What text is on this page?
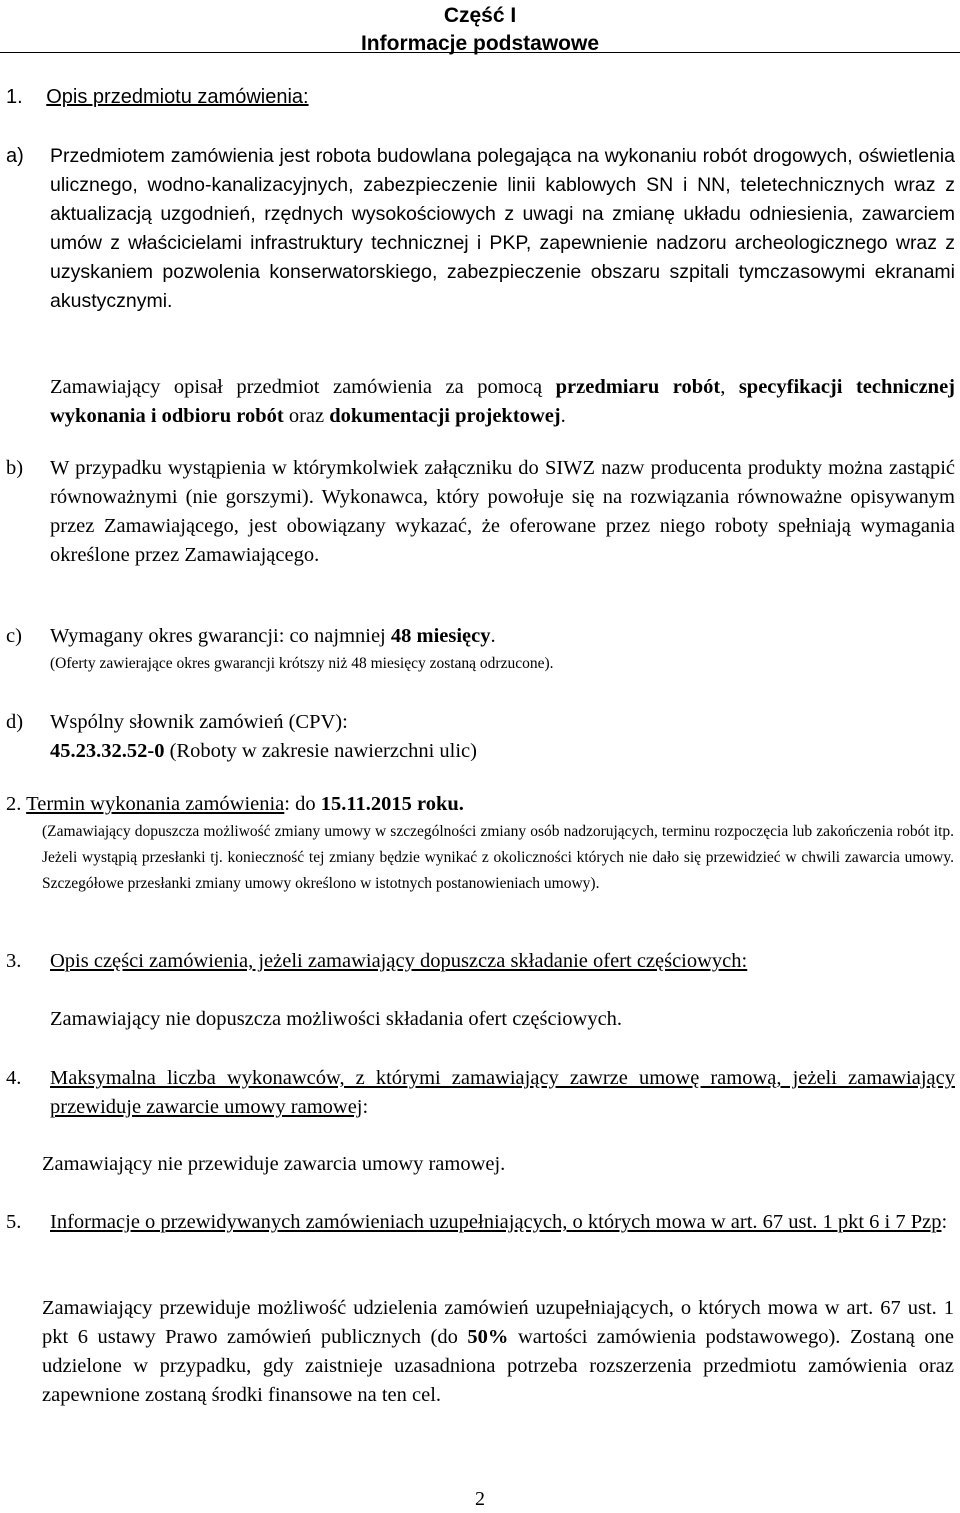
Część I
Informacje podstawowe
1. Opis przedmiotu zamówienia:
a) Przedmiotem zamówienia jest robota budowlana polegająca na wykonaniu robót drogowych, oświetlenia ulicznego, wodno-kanalizacyjnych, zabezpieczenie linii kablowych SN i NN, teletechnicznych wraz z aktualizacją uzgodnień, rzędnych wysokościowych z uwagi na zmianę układu odniesienia, zawarciem umów z właścicielami infrastruktury technicznej i PKP, zapewnienie nadzoru archeologicznego wraz z uzyskaniem pozwolenia konserwatorskiego, zabezpieczenie obszaru szpitali tymczasowymi ekranami akustycznymi.
Zamawiający opisał przedmiot zamówienia za pomocą przedmiaru robót, specyfikacji technicznej wykonania i odbioru robót oraz dokumentacji projektowej.
b) W przypadku wystąpienia w którymkolwiek załączniku do SIWZ nazw producenta produkty można zastąpić równoważnymi (nie gorszymi). Wykonawca, który powołuje się na rozwiązania równoważne opisywanym przez Zamawiającego, jest obowiązany wykazać, że oferowane przez niego roboty spełniają wymagania określone przez Zamawiającego.
c) Wymagany okres gwarancji: co najmniej 48 miesięcy.
(Oferty zawierające okres gwarancji krótszy niż 48 miesięcy zostaną odrzucone).
d) Wspólny słownik zamówień (CPV):
45.23.32.52-0 (Roboty w zakresie nawierzchni ulic)
2. Termin wykonania zamówienia: do 15.11.2015 roku.
(Zamawiający dopuszcza możliwość zmiany umowy w szczególności zmiany osób nadzorujących, terminu rozpoczęcia lub zakończenia robót itp. Jeżeli wystąpią przesłanki tj. konieczność tej zmiany będzie wynikać z okoliczności których nie dało się przewidzieć w chwili zawarcia umowy. Szczegółowe przesłanki zmiany umowy określono w istotnych postanowieniach umowy).
3. Opis części zamówienia, jeżeli zamawiający dopuszcza składanie ofert częściowych:
Zamawiający nie dopuszcza możliwości składania ofert częściowych.
4. Maksymalna liczba wykonawców, z którymi zamawiający zawrze umowę ramową, jeżeli zamawiający przewiduje zawarcie umowy ramowej:
Zamawiający nie przewiduje zawarcia umowy ramowej.
5. Informacje o przewidywanych zamówieniach uzupełniających, o których mowa w art. 67 ust. 1 pkt 6 i 7 Pzp:
Zamawiający przewiduje możliwość udzielenia zamówień uzupełniających, o których mowa w art. 67 ust. 1 pkt 6 ustawy Prawo zamówień publicznych (do 50% wartości zamówienia podstawowego). Zostaną one udzielone w przypadku, gdy zaistnieje uzasadniona potrzeba rozszerzenia przedmiotu zamówienia oraz zapewnione zostaną środki finansowe na ten cel.
2
